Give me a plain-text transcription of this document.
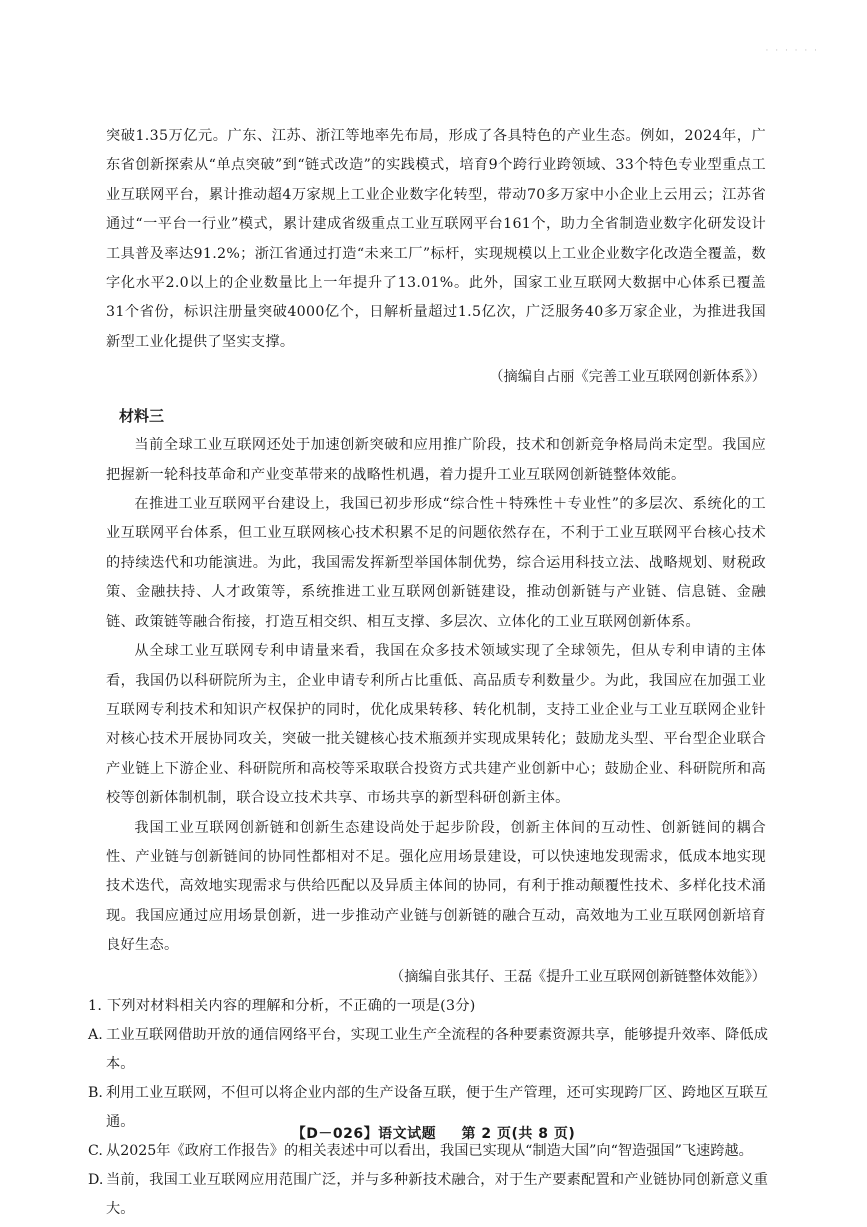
· · · · · ·

突破1.35万亿元。广东、江苏、浙江等地率先布局，形成了各具特色的产业生态。例如，2024年，广东省创新探索从“单点突破”到“链式改造”的实践模式，培育9个跨行业跨领域、33个特色专业型重点工业互联网平台，累计推动超4万家规上工业企业数字化转型，带动70多万家中小企业上云用云；江苏省通过“一平台一行业”模式，累计建成省级重点工业互联网平台161个，助力全省制造业数字化研发设计工具普及率达91.2%；浙江省通过打造“未来工厂”标杆，实现规模以上工业企业数字化改造全覆盖，数字化水平2.0以上的企业数量比上一年提升了13.01%。此外，国家工业互联网大数据中心体系已覆盖31个省份，标识注册量突破4000亿个，日解析量超过1.5亿次，广泛服务40多万家企业，为推进我国新型工业化提供了坚实支撑。

（摘编自占丽《完善工业互联网创新体系》）
材料三

当前全球工业互联网还处于加速创新突破和应用推广阶段，技术和创新竞争格局尚未定型。我国应把握新一轮科技革命和产业变革带来的战略性机遇，着力提升工业互联网创新链整体效能。

在推进工业互联网平台建设上，我国已初步形成“综合性＋特殊性＋专业性”的多层次、系统化的工业互联网平台体系，但工业互联网核心技术积累不足的问题依然存在，不利于工业互联网平台核心技术的持续迭代和功能演进。为此，我国需发挥新型举国体制优势，综合运用科技立法、战略规划、财税政策、金融扶持、人才政策等，系统推进工业互联网创新链建设，推动创新链与产业链、信息链、金融链、政策链等融合衔接，打造互相交织、相互支撑、多层次、立体化的工业互联网创新体系。

从全球工业互联网专利申请量来看，我国在众多技术领域实现了全球领先，但从专利申请的主体看，我国仍以科研院所为主，企业申请专利所占比重低、高品质专利数量少。为此，我国应在加强工业互联网专利技术和知识产权保护的同时，优化成果转移、转化机制，支持工业企业与工业互联网企业针对核心技术开展协同攻关，突破一批关键核心技术瓶颈并实现成果转化；鼓励龙头型、平台型企业联合产业链上下游企业、科研院所和高校等采取联合投资方式共建产业创新中心；鼓励企业、科研院所和高校等创新体制机制，联合设立技术共享、市场共享的新型科研创新主体。

我国工业互联网创新链和创新生态建设尚处于起步阶段，创新主体间的互动性、创新链间的耦合性、产业链与创新链间的协同性都相对不足。强化应用场景建设，可以快速地发现需求，低成本地实现技术迭代，高效地实现需求与供给匹配以及异质主体间的协同，有利于推动颠覆性技术、多样化技术涌现。我国应通过应用场景创新，进一步推动产业链与创新链的融合互动，高效地为工业互联网创新培育良好生态。

（摘编自张其仔、王磊《提升工业互联网创新链整体效能》）

1. 下列对材料相关内容的理解和分析，不正确的一项是(3分)

A. 工业互联网借助开放的通信网络平台，实现工业生产全流程的各种要素资源共享，能够提升效率、降低成本。
B. 利用工业互联网，不但可以将企业内部的生产设备互联，便于生产管理，还可实现跨厂区、跨地区互联互通。
C. 从2025年《政府工作报告》的相关表述中可以看出，我国已实现从“制造大国”向“智造强国”飞速跨越。
D. 当前，我国工业互联网应用范围广泛，并与多种新技术融合，对于生产要素配置和产业链协同创新意义重大。
【D－026】语文试题 第 2 页(共 8 页)
